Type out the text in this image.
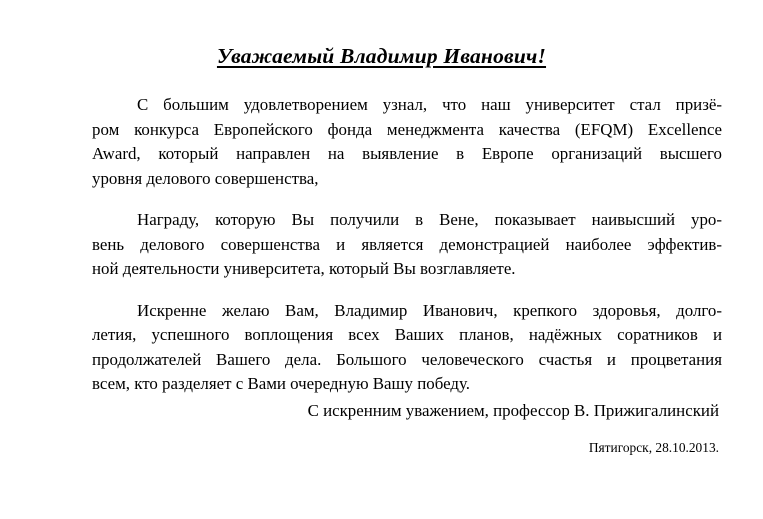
Уважаемый Владимир Иванович!
С большим удовлетворением узнал, что наш университет стал призё-
ром конкурса Европейского фонда менеджмента качества (EFQM) Excellence
Award, который направлен на выявление в Европе организаций высшего
уровня делового совершенства,
Награду, которую Вы получили в Вене, показывает наивысший уро-
вень делового совершенства и является демонстрацией наиболее эффектив-
ной деятельности университета, который Вы возглавляете.
Искренне желаю Вам, Владимир Иванович, крепкого здоровья, долго-
летия, успешного воплощения всех Ваших планов, надёжных соратников и
продолжателей Вашего дела. Большого человеческого счастья и процветания
всем, кто разделяет с Вами очередную Вашу победу.
С искренним уважением, профессор В. Прижигалинский
Пятигорск, 28.10.2013.
